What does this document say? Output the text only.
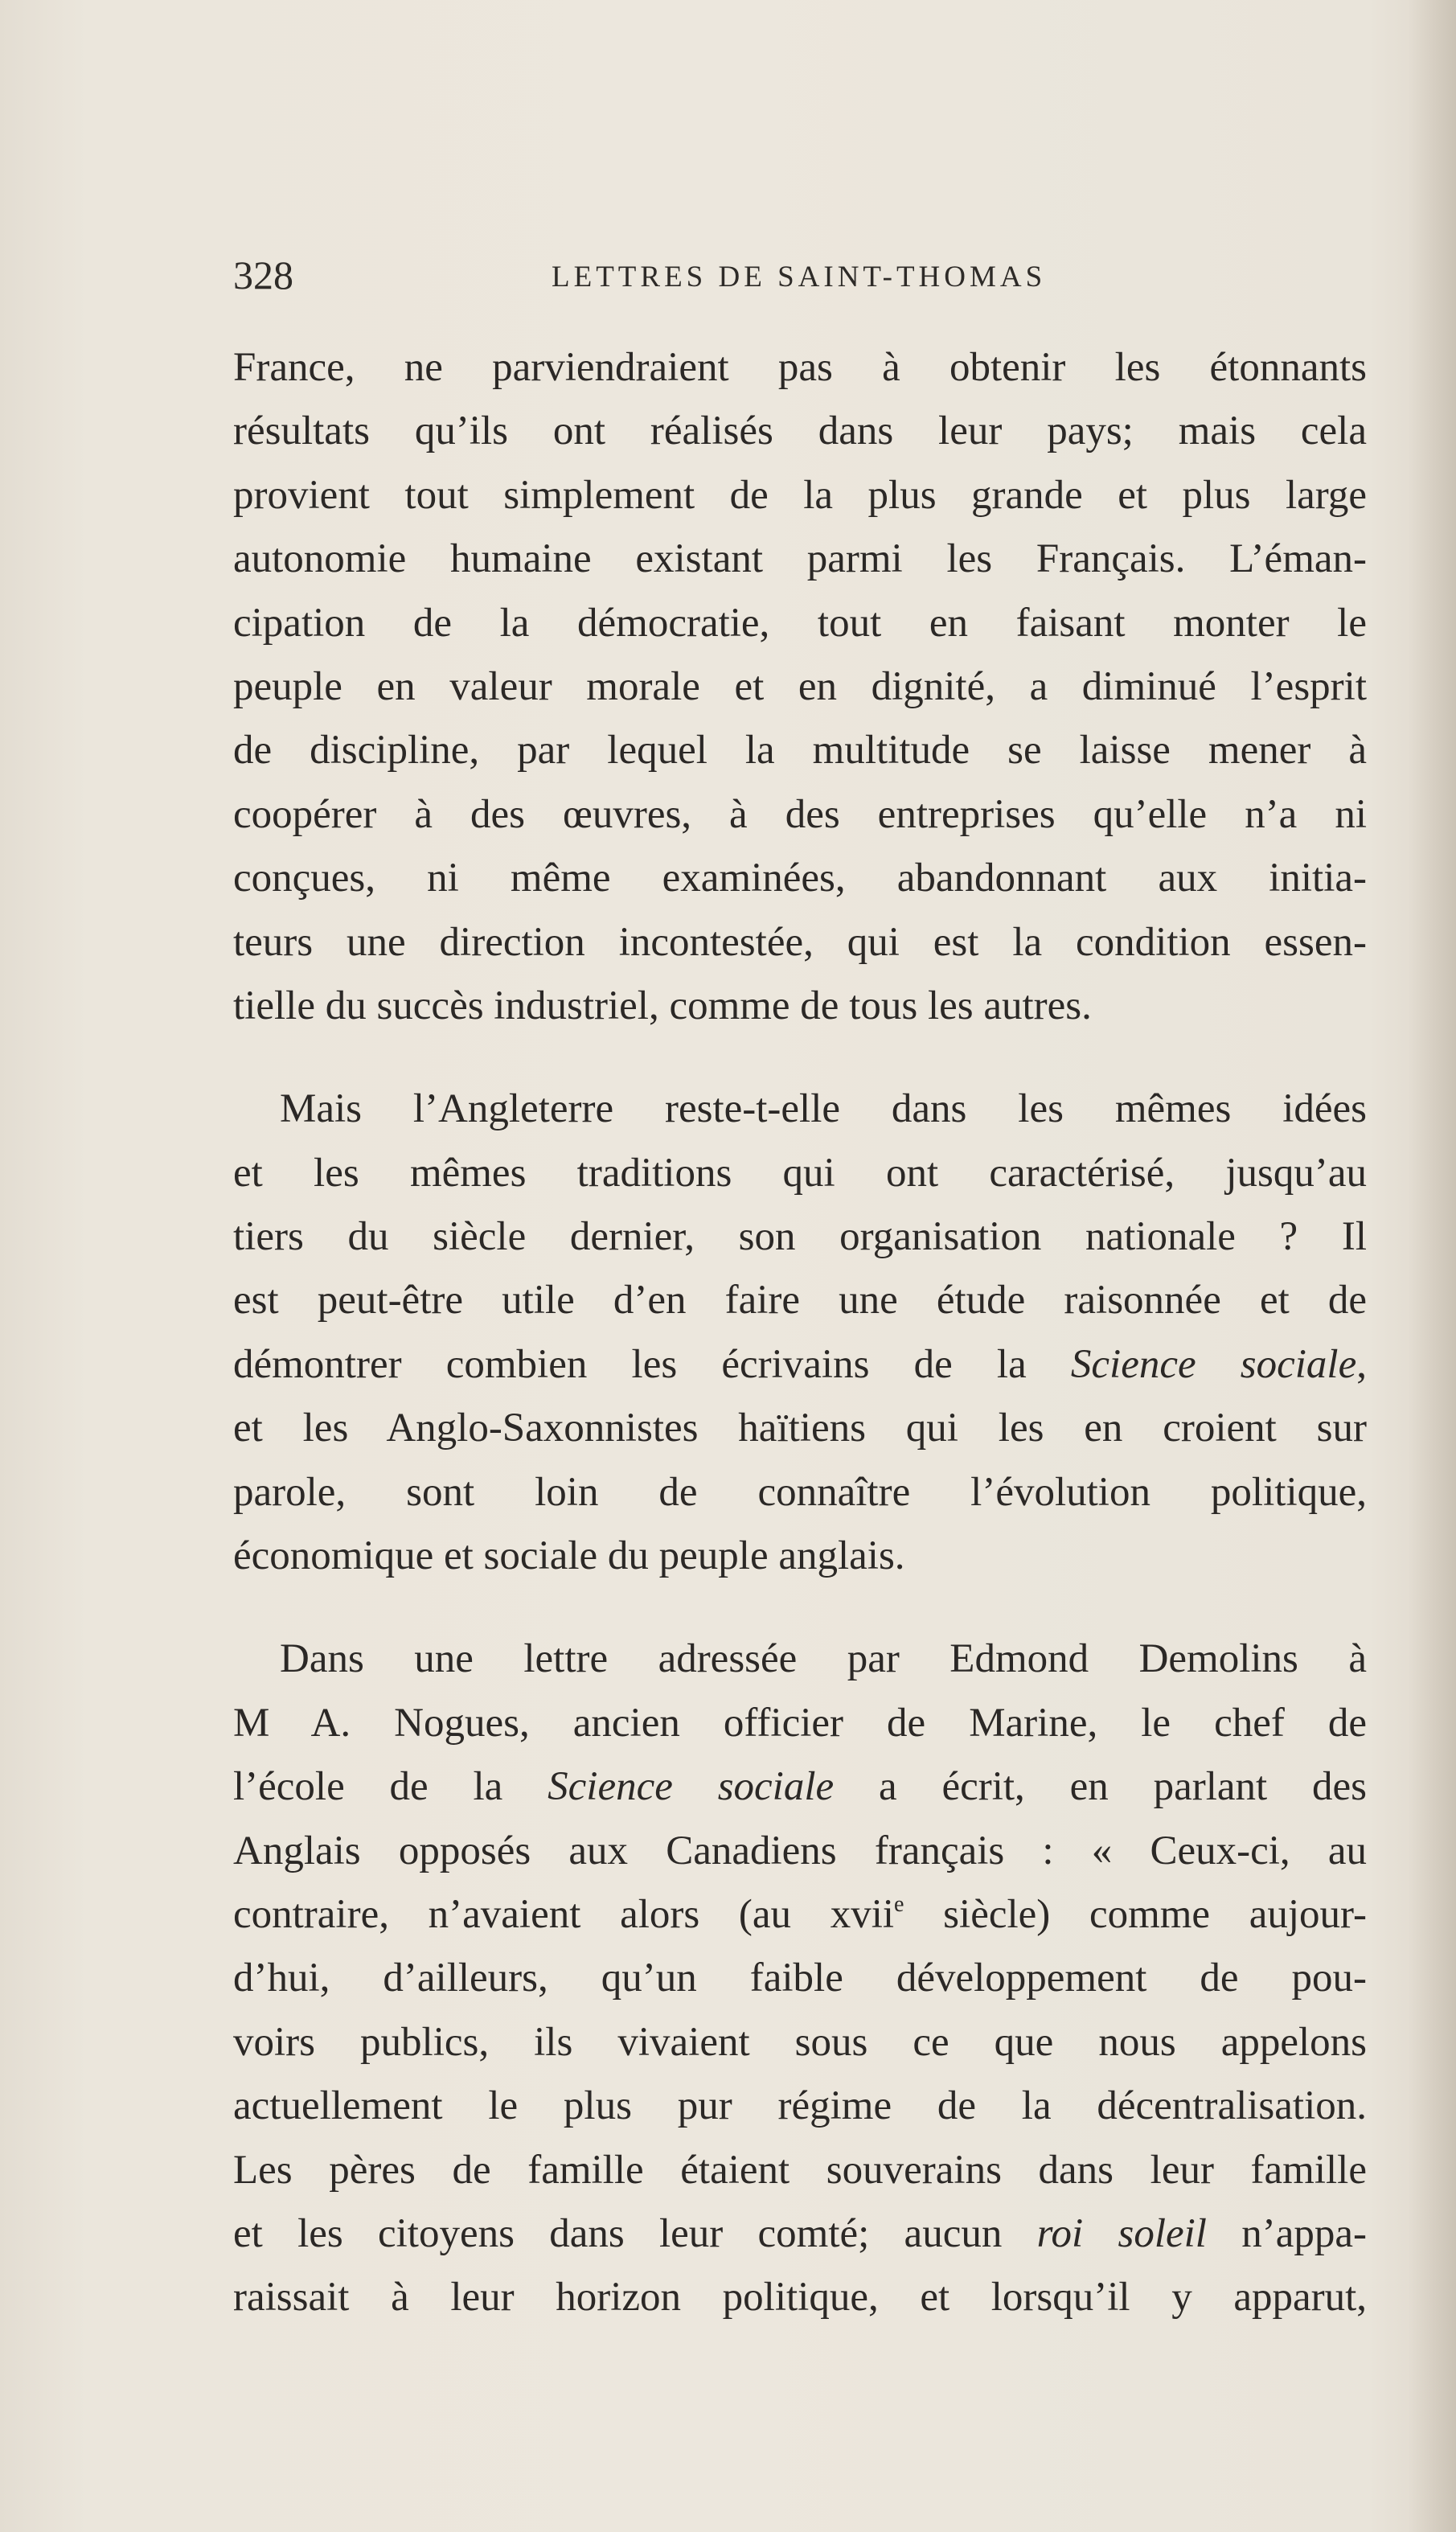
328	LETTRES DE SAINT-THOMAS
France, ne parviendraient pas à obtenir les étonnants
résultats qu’ils ont réalisés dans leur pays; mais cela
provient tout simplement de la plus grande et plus large
autonomie humaine existant parmi les Français. L’éman-
cipation de la démocratie, tout en faisant monter le
peuple en valeur morale et en dignité, a diminué l’esprit
de discipline, par lequel la multitude se laisse mener à
coopérer à des œuvres, à des entreprises qu’elle n’a ni
conçues, ni même examinées, abandonnant aux initia-
teurs une direction incontestée, qui est la condition essen-
tielle du succès industriel, comme de tous les autres.
Mais l’Angleterre reste-t-elle dans les mêmes idées
et les mêmes traditions qui ont caractérisé, jusqu’au
tiers du siècle dernier, son organisation nationale ? Il
est peut-être utile d’en faire une étude raisonnée et de
démontrer combien les écrivains de la Science sociale,
et les Anglo-Saxonnistes haïtiens qui les en croient sur
parole, sont loin de connaître l’évolution politique,
économique et sociale du peuple anglais.
Dans une lettre adressée par Edmond Demolins à
M A. Nogues, ancien officier de Marine, le chef de
l’école de la Science sociale a écrit, en parlant des
Anglais opposés aux Canadiens français : « Ceux-ci, au
contraire, n’avaient alors (au xvii$^e$ siècle) comme aujour-
d’hui, d’ailleurs, qu’un faible développement de pou-
voirs publics, ils vivaient sous ce que nous appelons
actuellement le plus pur régime de la décentralisation.
Les pères de famille étaient souverains dans leur famille
et les citoyens dans leur comté; aucun roi soleil n’appa-
raissait à leur horizon politique, et lorsqu’il y apparut,
